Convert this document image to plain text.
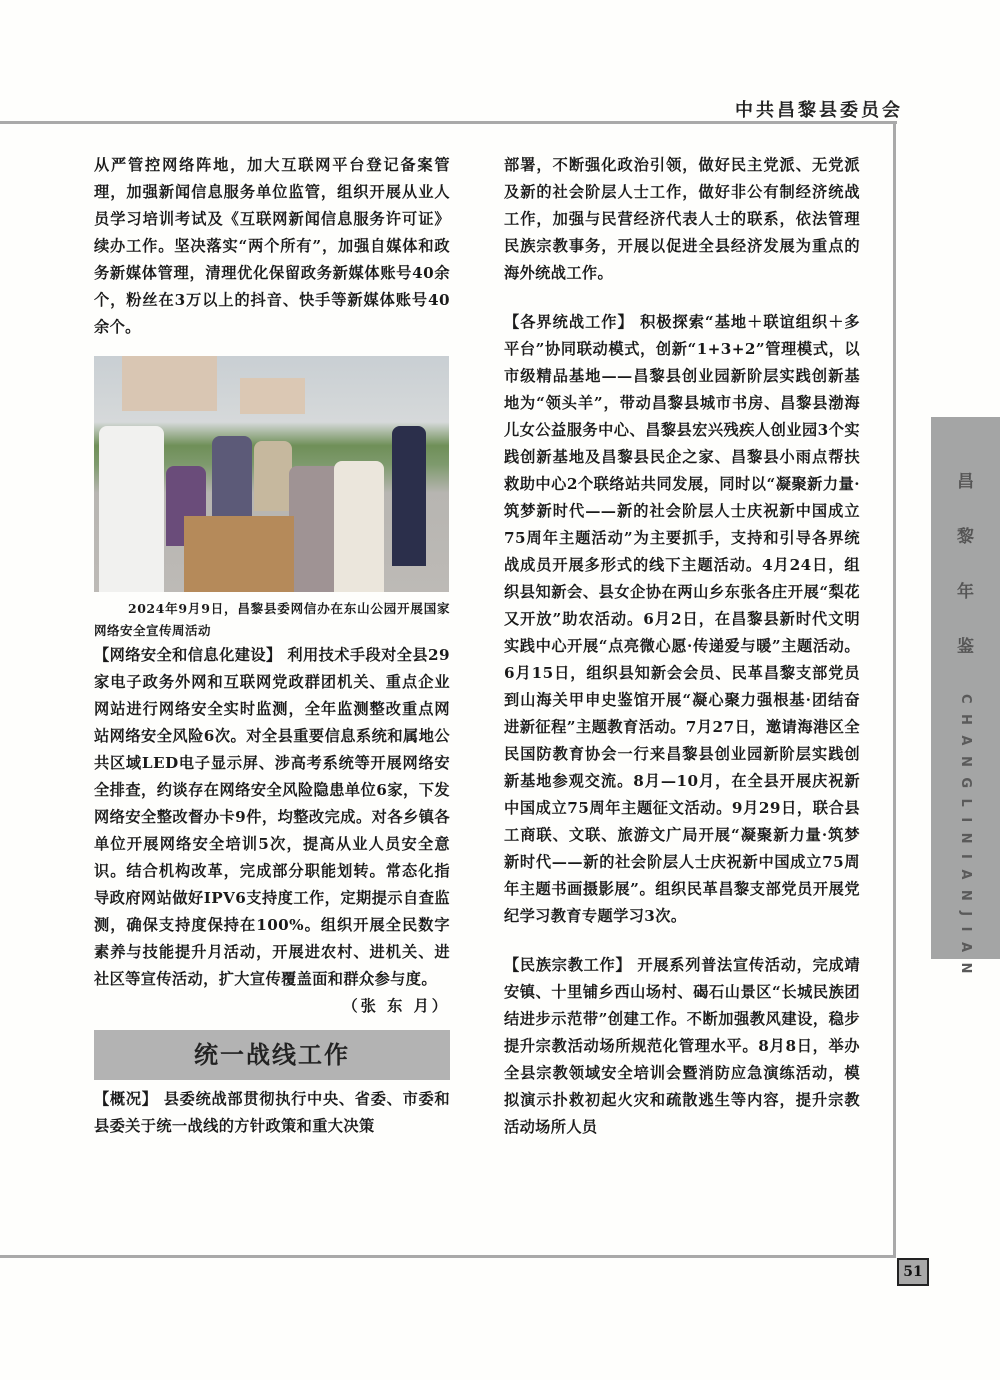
中共昌黎县委员会
昌
黎
年
鉴
CHANGLINIANJIAN
51

从严管控网络阵地，加大互联网平台登记备案管理，加强新闻信息服务单位监管，组织开展从业人员学习培训考试及《互联网新闻信息服务许可证》续办工作。坚决落实“两个所有”，加强自媒体和政务新媒体管理，清理优化保留政务新媒体账号40余个，粉丝在3万以上的抖音、快手等新媒体账号40余个。

2024年9月9日，昌黎县委网信办在东山公园开展国家网络安全宣传周活动

【网络安全和信息化建设】 利用技术手段对全县29家电子政务外网和互联网党政群团机关、重点企业网站进行网络安全实时监测，全年监测整改重点网站网络安全风险6次。对全县重要信息系统和属地公共区域LED电子显示屏、涉高考系统等开展网络安全排查，约谈存在网络安全风险隐患单位6家，下发网络安全整改督办卡9件，均整改完成。对各乡镇各单位开展网络安全培训5次，提高从业人员安全意识。结合机构改革，完成部分职能划转。常态化指导政府网站做好IPV6支持度工作，定期提示自查监测，确保支持度保持在100%。组织开展全民数字素养与技能提升月活动，开展进农村、进机关、进社区等宣传活动，扩大宣传覆盖面和群众参与度。

（张 东 月）

统一战线工作

【概况】 县委统战部贯彻执行中央、省委、市委和县委关于统一战线的方针政策和重大决策

部署，不断强化政治引领，做好民主党派、无党派及新的社会阶层人士工作，做好非公有制经济统战工作，加强与民营经济代表人士的联系，依法管理民族宗教事务，开展以促进全县经济发展为重点的海外统战工作。

【各界统战工作】 积极探索“基地＋联谊组织＋多平台”协同联动模式，创新“1+3+2”管理模式，以市级精品基地——昌黎县创业园新阶层实践创新基地为“领头羊”，带动昌黎县城市书房、昌黎县渤海儿女公益服务中心、昌黎县宏兴残疾人创业园3个实践创新基地及昌黎县民企之家、昌黎县小雨点帮扶救助中心2个联络站共同发展，同时以“凝聚新力量·筑梦新时代——新的社会阶层人士庆祝新中国成立75周年主题活动”为主要抓手，支持和引导各界统战成员开展多形式的线下主题活动。4月24日，组织县知新会、县女企协在两山乡东张各庄开展“梨花又开放”助农活动。6月2日，在昌黎县新时代文明实践中心开展“点亮微心愿·传递爱与暖”主题活动。6月15日，组织县知新会会员、民革昌黎支部党员到山海关甲申史鉴馆开展“凝心聚力强根基·团结奋进新征程”主题教育活动。7月27日，邀请海港区全民国防教育协会一行来昌黎县创业园新阶层实践创新基地参观交流。8月—10月，在全县开展庆祝新中国成立75周年主题征文活动。9月29日，联合县工商联、文联、旅游文广局开展“凝聚新力量·筑梦新时代——新的社会阶层人士庆祝新中国成立75周年主题书画摄影展”。组织民革昌黎支部党员开展党纪学习教育专题学习3次。

【民族宗教工作】 开展系列普法宣传活动，完成靖安镇、十里铺乡西山场村、碣石山景区“长城民族团结进步示范带”创建工作。不断加强教风建设，稳步提升宗教活动场所规范化管理水平。8月8日，举办全县宗教领域安全培训会暨消防应急演练活动，模拟演示扑救初起火灾和疏散逃生等内容，提升宗教活动场所人员
